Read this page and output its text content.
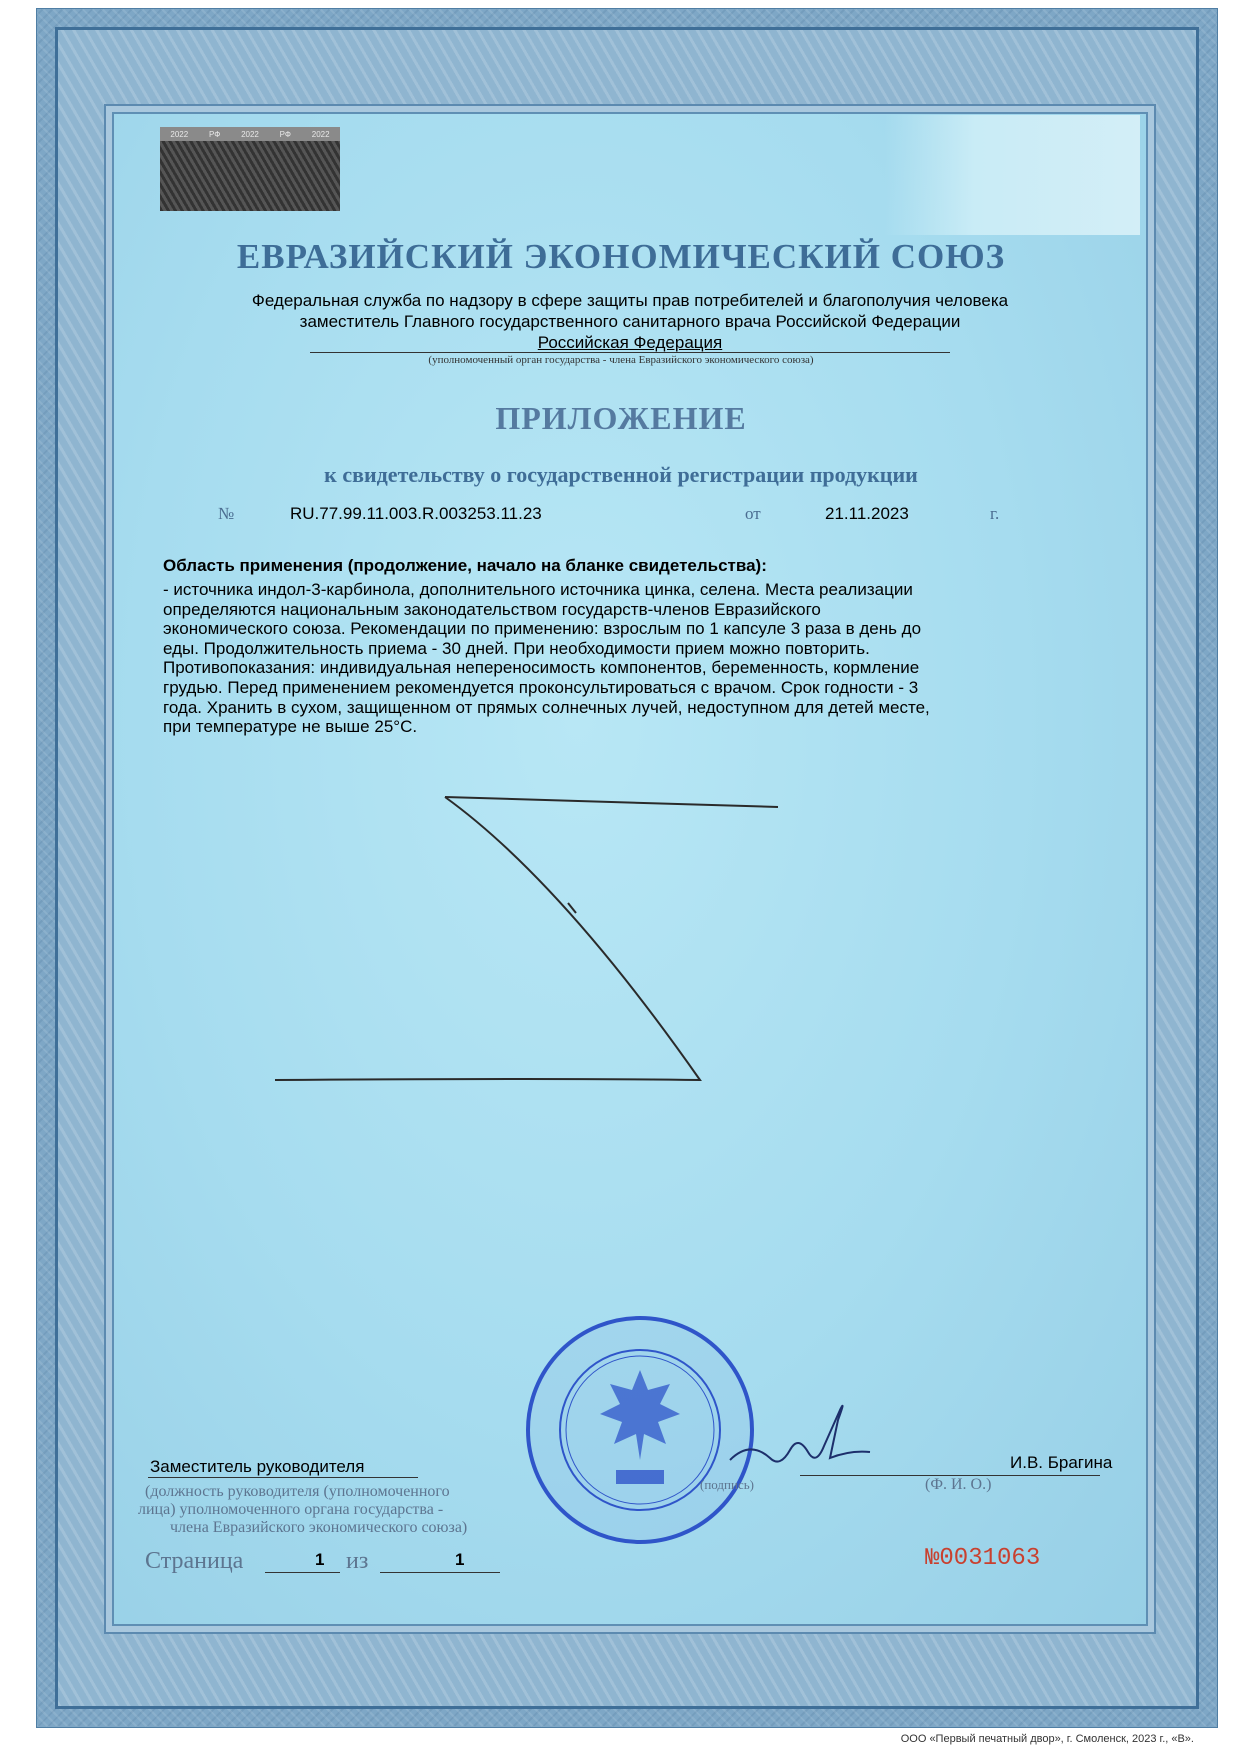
2022	РФ	2022	РФ	2022
ЕВРАЗИЙСКИЙ ЭКОНОМИЧЕСКИЙ СОЮЗ
Федеральная служба по надзору в сфере защиты прав потребителей и благополучия человека
заместитель Главного государственного санитарного врача Российской Федерации
Российская Федерация
(уполномоченный орган государства - члена Евразийского экономического союза)
ПРИЛОЖЕНИЕ
к свидетельству о государственной регистрации продукции
№	RU.77.99.11.003.R.003253.11.23	от	21.11.2023	г.
Область применения (продолжение, начало на бланке свидетельства):
- источника индол-3-карбинола, дополнительного источника цинка, селена. Места реализации
определяются национальным законодательством государств-членов Евразийского
экономического союза. Рекомендации по применению: взрослым по 1 капсуле 3 раза в день до
еды. Продолжительность приема - 30 дней. При необходимости прием можно повторить.
Противопоказания: индивидуальная непереносимость компонентов, беременность, кормление
грудью. Перед применением рекомендуется проконсультироваться с врачом. Срок годности - 3
года. Хранить в сухом, защищенном от прямых солнечных лучей, недоступном для детей месте,
при температуре не выше 25°С.
Заместитель руководителя	И.В. Брагина
(должность руководителя (уполномоченного
лица) уполномоченного органа государства -
члена Евразийского экономического союза)
(подпись)	(Ф. И. О.)
Страница	1 из	1	№0031063
ООО «Первый печатный двор», г. Смоленск, 2023 г., «В».
